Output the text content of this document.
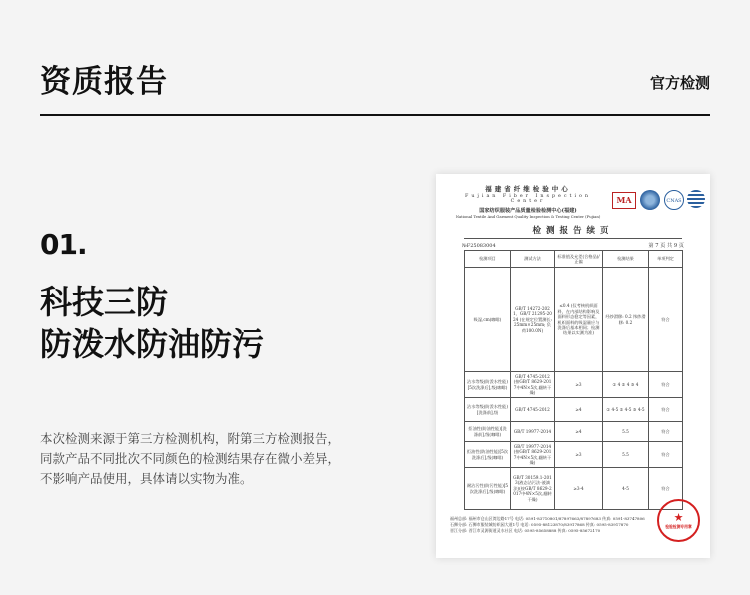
资质报告	官方检测
01.
科技三防
防泼水防油防污
本次检测来源于第三方检测机构，附第三方检测报告，
同款产品不同批次不同颜色的检测结果存在微小差异，
不影响产品使用，具体请以实物为准。
福建省纤维检验中心
Fujian Fiber Inspection Center
国家纺织服装产品质量检验检测中心(福建)
National Textile And Garment Quality Inspection & Testing Center (Fujian)
MA	CNAS
检测报告续页
№F25083004	第 7 页 共 9 页
检测项目	测试方法	标准值及允差(合格品)/正偏	检测结果	单项判定
吸湿,cm(咖啡)	GB/T 14272-2021、GB/T 21295-2024 (在规定位置测长: 25mm×25mm; 负荷100.0N)	≤0.4 (仅考核机织面料，在内部结构影响及面料形态稳定等因素，机织面料的吸湿量应与洗涤后基本相同；检测结果以实测为准)	经纱滑移: 0.2 纬纱滑移: 0.2	符合
沾水等级(防泼水性能)[5次洗涤后],级(咖啡)	GB/T 4745-2012(按GB/T 8629-2017中4N×5次,翻转干燥)	≥3	① 4 ② 4 ③ 4	符合
沾水等级(防泼水性能)[洗涤前],级	GB/T 4745-2012	≥4	① 4-5 ② 4-5 ③ 4-5	符合
拒油性(防油性能)[洗涤前],级(咖啡)	GB/T 19977-2014	≥4	5.5	符合
拒油性(防油性能)[5次洗涤后],级(咖啡)	GB/T 19977-2014(按GB/T 8629-2017中4N×5次,翻转干燥)	≥3	5.5	符合
耐沾污性(防污性能)[5次洗涤后],级(咖啡)	GB/T 30159.1-2013(液态沾污法-液滴法)(按GB/T 8629-2017中4N×5次,翻转干燥)	≥3-4	4-5	符合
福州总部: 福州市仓山区湾边路17号 电话: 0591-83710801/87897663/87897683 传真: 0591-83747806
石狮分部: 石狮市服装城纺织园大道1号 电话: 0595-88123870/83917868 传真: 0595-83917870
晋江分部: 晋江市灵源街道灵水社区 电话: 0595-85658888 传真: 0595-85672170
★
检验检测专用章
